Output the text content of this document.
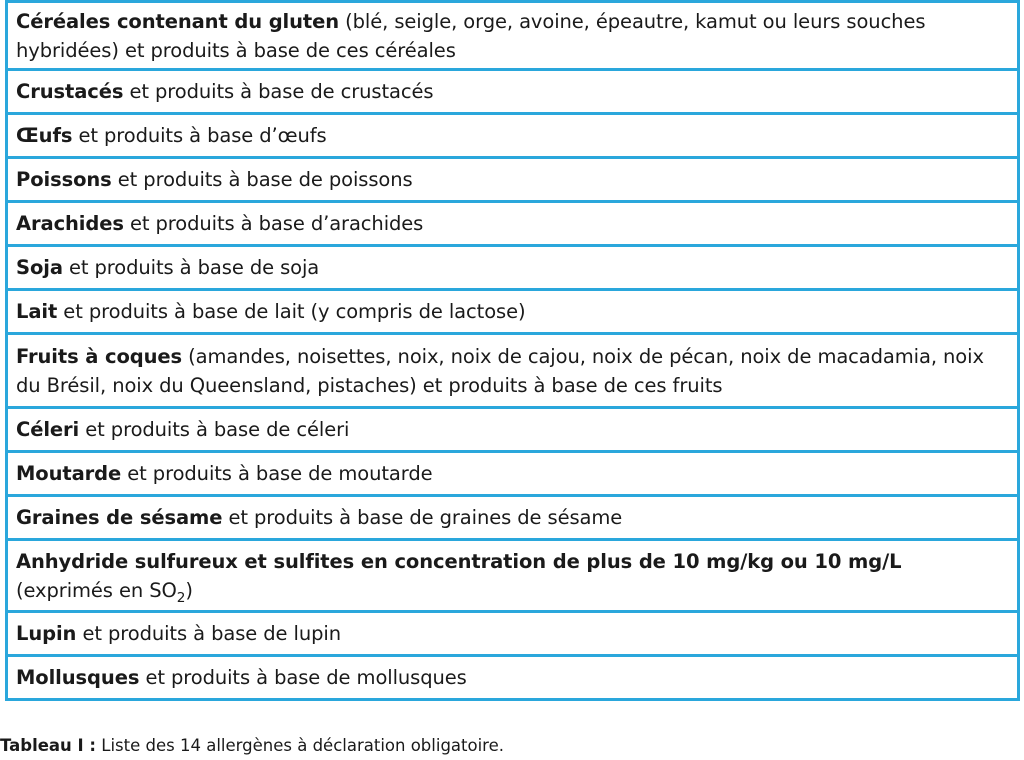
Céréales contenant du gluten (blé, seigle, orge, avoine, épeautre, kamut ou leurs souches hybridées) et produits à base de ces céréales
Crustacés et produits à base de crustacés
Œufs et produits à base d’œufs
Poissons et produits à base de poissons
Arachides et produits à base d’arachides
Soja et produits à base de soja
Lait et produits à base de lait (y compris de lactose)
Fruits à coques (amandes, noisettes, noix, noix de cajou, noix de pécan, noix de macadamia, noix du Brésil, noix du Queensland, pistaches) et produits à base de ces fruits
Céleri et produits à base de céleri
Moutarde et produits à base de moutarde
Graines de sésame et produits à base de graines de sésame
Anhydride sulfureux et sulfites en concentration de plus de 10 mg/kg ou 10 mg/L
(exprimés en $SO_2$)
Lupin et produits à base de lupin
Mollusques et produits à base de mollusques
Tableau I : Liste des 14 allergènes à déclaration obligatoire.
